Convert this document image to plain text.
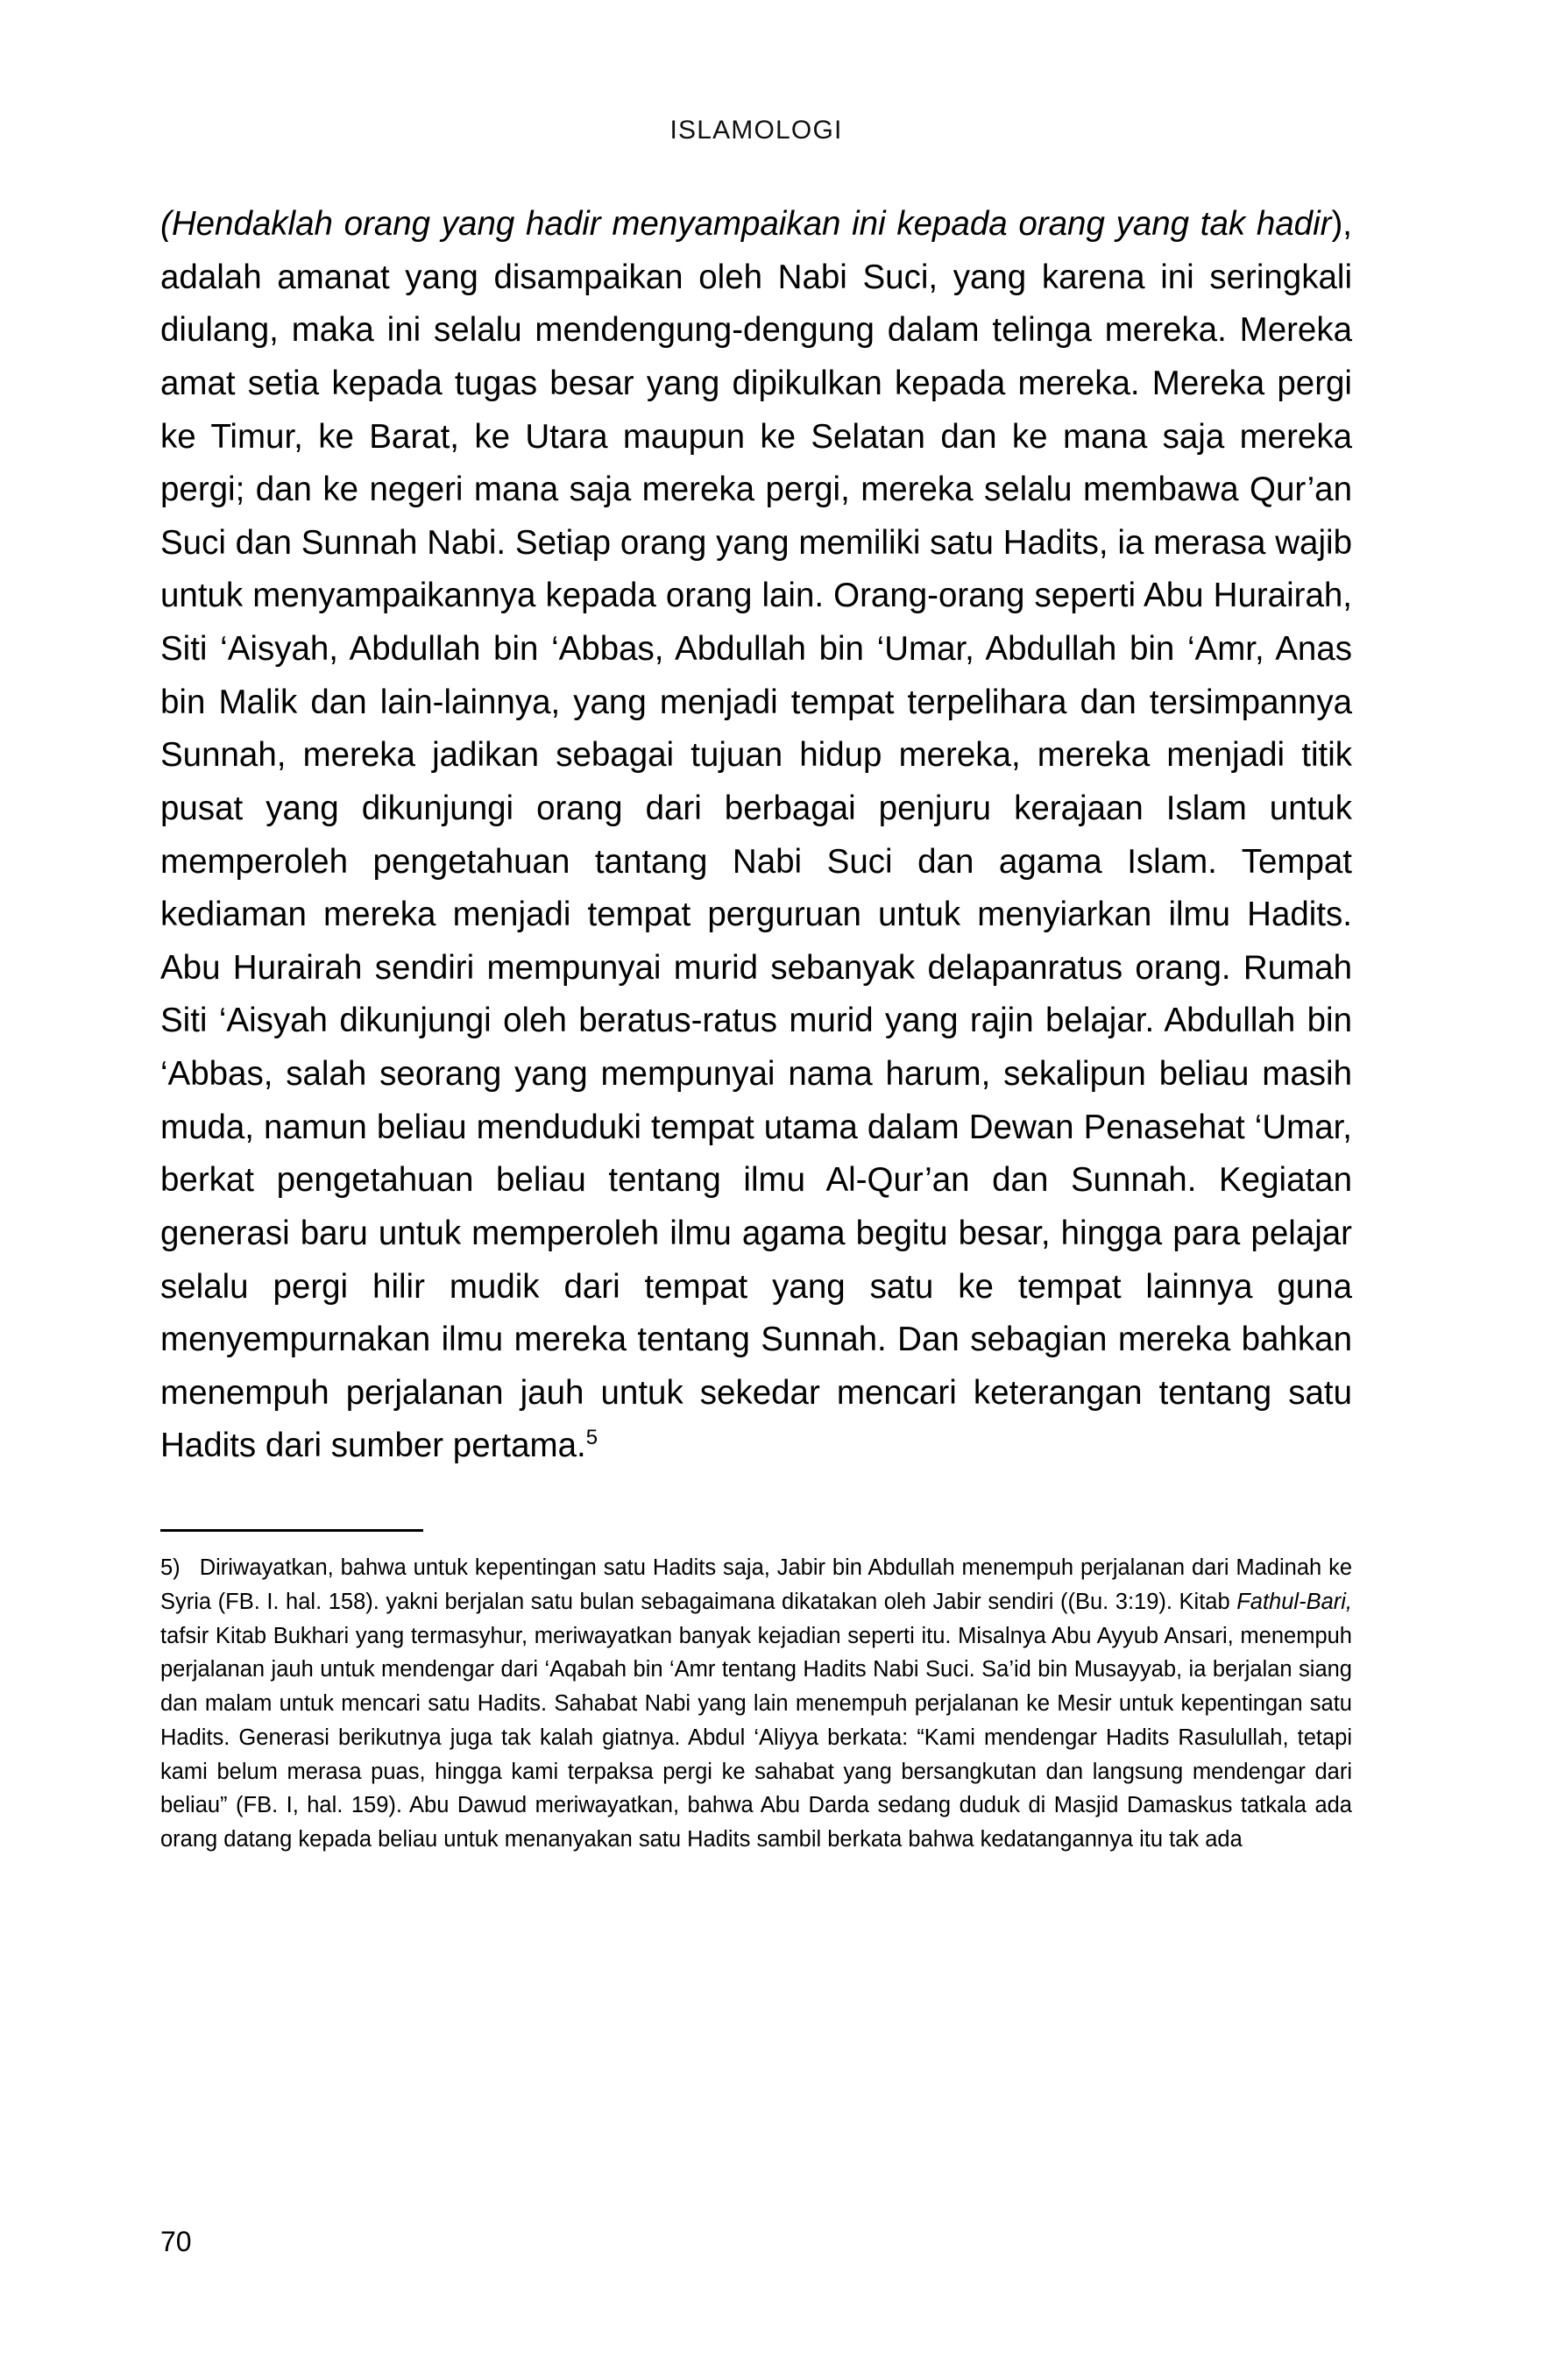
ISLAMOLOGI
(Hendaklah orang yang hadir menyampaikan ini kepada orang yang tak hadir), adalah amanat yang disampaikan oleh Nabi Suci, yang karena ini seringkali diulang, maka ini selalu mendengung-dengung dalam telinga mereka. Mereka amat setia kepada tugas besar yang dipikulkan kepada mereka. Mereka pergi ke Timur, ke Barat, ke Utara maupun ke Selatan dan ke mana saja mereka pergi; dan ke negeri mana saja mereka pergi, mereka selalu membawa Qur’an Suci dan Sunnah Nabi. Setiap orang yang memiliki satu Hadits, ia merasa wajib untuk menyampaikannya kepada orang lain. Orang-orang seperti Abu Hurairah, Siti ‘Aisyah, Abdullah bin ‘Abbas, Abdullah bin ‘Umar, Abdullah bin ‘Amr, Anas bin Malik dan lain-lainnya, yang menjadi tempat terpelihara dan tersimpannya Sunnah, mereka jadikan sebagai tujuan hidup mereka, mereka menjadi titik pusat yang dikunjungi orang dari berbagai penjuru kerajaan Islam untuk memperoleh pengetahuan tantang Nabi Suci dan agama Islam. Tempat kediaman mereka menjadi tempat perguruan untuk menyiarkan ilmu Hadits. Abu Hurairah sendiri mempunyai murid sebanyak delapanratus orang. Rumah Siti ‘Aisyah dikunjungi oleh beratus-ratus murid yang rajin belajar. Abdullah bin ‘Abbas, salah seorang yang mempunyai nama harum, sekalipun beliau masih muda, namun beliau menduduki tempat utama dalam Dewan Penasehat ‘Umar, berkat pengetahuan beliau tentang ilmu Al-Qur’an dan Sunnah. Kegiatan generasi baru untuk memperoleh ilmu agama begitu besar, hingga para pelajar selalu pergi hilir mudik dari tempat yang satu ke tempat lainnya guna menyempurnakan ilmu mereka tentang Sunnah. Dan sebagian mereka bahkan menempuh perjalanan jauh untuk sekedar mencari keterangan tentang satu Hadits dari sumber pertama.$^5$
5) Diriwayatkan, bahwa untuk kepentingan satu Hadits saja, Jabir bin Abdullah menempuh perjalanan dari Madinah ke Syria (FB. I. hal. 158). yakni berjalan satu bulan sebagaimana dikatakan oleh Jabir sendiri ((Bu. 3:19). Kitab Fathul-Bari, tafsir Kitab Bukhari yang termasyhur, meriwayatkan banyak kejadian seperti itu. Misalnya Abu Ayyub Ansari, menempuh perjalanan jauh untuk mendengar dari ‘Aqabah bin ‘Amr tentang Hadits Nabi Suci. Sa’id bin Musayyab, ia berjalan siang dan malam untuk mencari satu Hadits. Sahabat Nabi yang lain menempuh perjalanan ke Mesir untuk kepentingan satu Hadits. Generasi berikutnya juga tak kalah giatnya. Abdul ‘Aliyya berkata: “Kami mendengar Hadits Rasulullah, tetapi kami belum merasa puas, hingga kami terpaksa pergi ke sahabat yang bersangkutan dan langsung mendengar dari beliau” (FB. I, hal. 159). Abu Dawud meriwayatkan, bahwa Abu Darda sedang duduk di Masjid Damaskus tatkala ada orang datang kepada beliau untuk menanyakan satu Hadits sambil berkata bahwa kedatangannya itu tak ada
70
